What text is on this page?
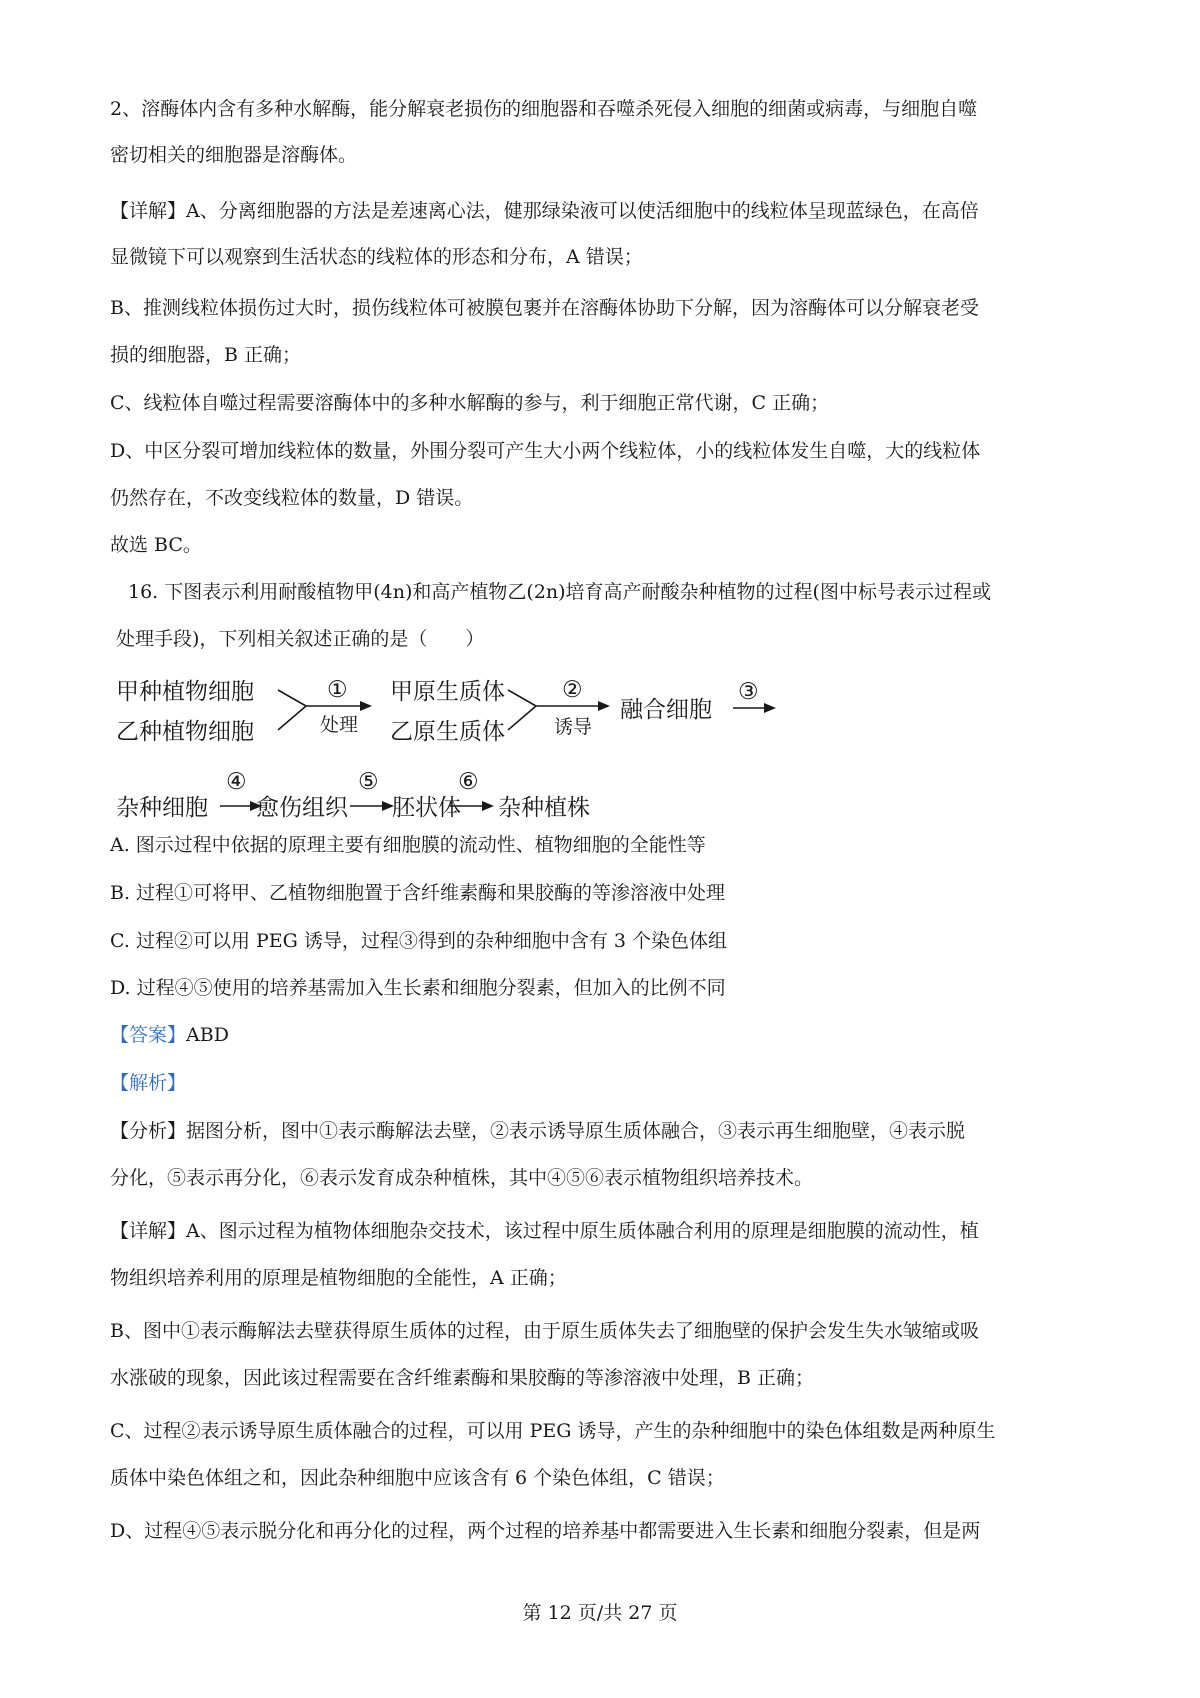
2、溶酶体内含有多种水解酶，能分解衰老损伤的细胞器和吞噬杀死侵入细胞的细菌或病毒，与细胞自噬
密切相关的细胞器是溶酶体。
【详解】A、分离细胞器的方法是差速离心法，健那绿染液可以使活细胞中的线粒体呈现蓝绿色，在高倍
显微镜下可以观察到生活状态的线粒体的形态和分布，A 错误；
B、推测线粒体损伤过大时，损伤线粒体可被膜包裹并在溶酶体协助下分解，因为溶酶体可以分解衰老受
损的细胞器，B 正确；
C、线粒体自噬过程需要溶酶体中的多种水解酶的参与，利于细胞正常代谢，C 正确；
D、中区分裂可增加线粒体的数量，外围分裂可产生大小两个线粒体，小的线粒体发生自噬，大的线粒体
仍然存在，不改变线粒体的数量，D 错误。
故选 BC。
16. 下图表示利用耐酸植物甲(4n)和高产植物乙(2n)培育高产耐酸杂种植物的过程(图中标号表示过程或
处理手段)，下列相关叙述正确的是（　　）
甲种植物细胞
乙种植物细胞
①
处理
甲原生质体
乙原生质体
②
诱导
融合细胞
③
杂种细胞
④
愈伤组织
⑤
胚状体
⑥
杂种植株
A. 图示过程中依据的原理主要有细胞膜的流动性、植物细胞的全能性等
B. 过程①可将甲、乙植物细胞置于含纤维素酶和果胶酶的等渗溶液中处理
C. 过程②可以用 PEG 诱导，过程③得到的杂种细胞中含有 3 个染色体组
D. 过程④⑤使用的培养基需加入生长素和细胞分裂素，但加入的比例不同
【答案】ABD
【解析】
【分析】据图分析，图中①表示酶解法去壁，②表示诱导原生质体融合，③表示再生细胞壁，④表示脱
分化，⑤表示再分化，⑥表示发育成杂种植株，其中④⑤⑥表示植物组织培养技术。
【详解】A、图示过程为植物体细胞杂交技术，该过程中原生质体融合利用的原理是细胞膜的流动性，植
物组织培养利用的原理是植物细胞的全能性，A 正确；
B、图中①表示酶解法去壁获得原生质体的过程，由于原生质体失去了细胞壁的保护会发生失水皱缩或吸
水涨破的现象，因此该过程需要在含纤维素酶和果胶酶的等渗溶液中处理，B 正确；
C、过程②表示诱导原生质体融合的过程，可以用 PEG 诱导，产生的杂种细胞中的染色体组数是两种原生
质体中染色体组之和，因此杂种细胞中应该含有 6 个染色体组，C 错误；
D、过程④⑤表示脱分化和再分化的过程，两个过程的培养基中都需要进入生长素和细胞分裂素，但是两
第 12 页/共 27 页
